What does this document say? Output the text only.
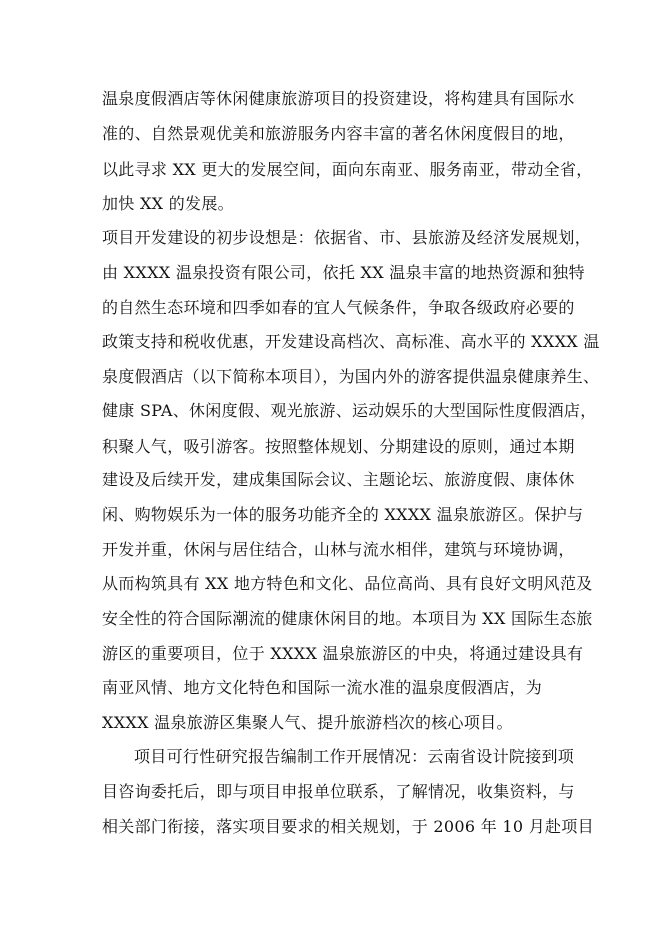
温泉度假酒店等休闲健康旅游项目的投资建设，将构建具有国际水
准的、自然景观优美和旅游服务内容丰富的著名休闲度假目的地，
以此寻求 XX 更大的发展空间，面向东南亚、服务南亚，带动全省，
加快 XX 的发展。
项目开发建设的初步设想是：依据省、市、县旅游及经济发展规划，
由 XXXX 温泉投资有限公司，依托 XX 温泉丰富的地热资源和独特
的自然生态环境和四季如春的宜人气候条件，争取各级政府必要的
政策支持和税收优惠，开发建设高档次、高标准、高水平的 XXXX 温
泉度假酒店（以下简称本项目），为国内外的游客提供温泉健康养生、
健康 SPA、休闲度假、观光旅游、运动娱乐的大型国际性度假酒店，
积聚人气，吸引游客。按照整体规划、分期建设的原则，通过本期
建设及后续开发，建成集国际会议、主题论坛、旅游度假、康体休
闲、购物娱乐为一体的服务功能齐全的 XXXX 温泉旅游区。保护与
开发并重，休闲与居住结合，山林与流水相伴，建筑与环境协调，
从而构筑具有 XX 地方特色和文化、品位高尚、具有良好文明风范及
安全性的符合国际潮流的健康休闲目的地。本项目为 XX 国际生态旅
游区的重要项目，位于 XXXX 温泉旅游区的中央，将通过建设具有
南亚风情、地方文化特色和国际一流水准的温泉度假酒店，为
XXXX 温泉旅游区集聚人气、提升旅游档次的核心项目。
项目可行性研究报告编制工作开展情况：云南省设计院接到项
目咨询委托后，即与项目申报单位联系，了解情况，收集资料，与
相关部门衔接，落实项目要求的相关规划，于 2006 年 10 月赴项目
